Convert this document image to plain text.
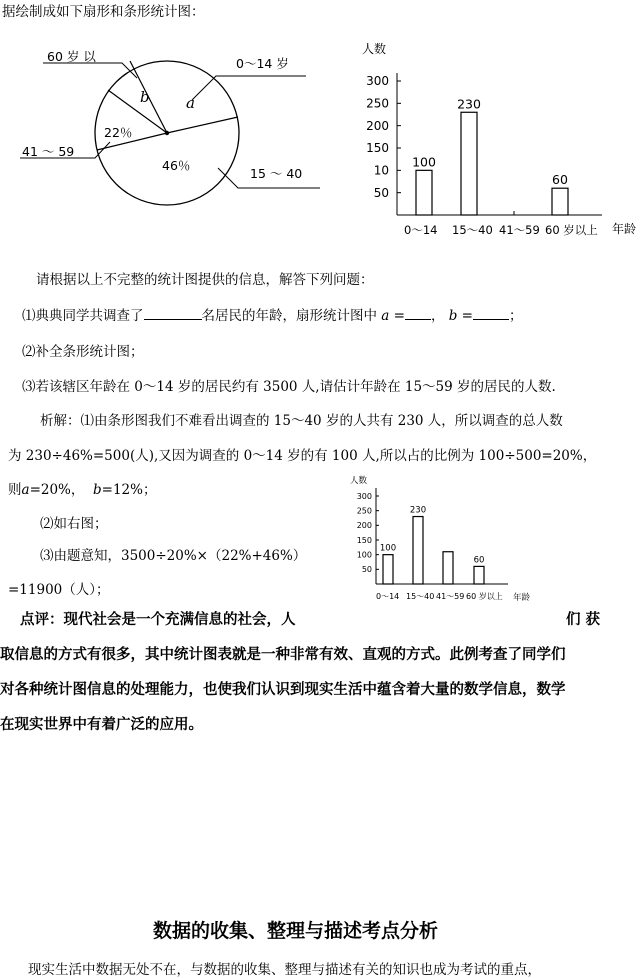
据绘制成如下扇形和条形统计图：
60 岁 以	0～14 岁
41 ～ 59
15 ～ 40
b a
22％
46％
人数
年龄
0～14 15～40 41～59 60 岁以上
50
10
150
200
250
300
100
230
60
请根据以上不完整的统计图提供的信息，解答下列问题：
⑴典典同学共调查了	名居民的年龄，扇形统计图中 a = ， b =	；
⑵补全条形统计图；
⑶若该辖区年龄在 0～14 岁的居民约有 3500 人,请估计年龄在 15～59 岁的居民的人数.
析解：⑴由条形图我们不难看出调查的 15～40 岁的人共有 230 人，所以调查的总人数
为 230÷46%=500(人),又因为调查的 0～14 岁的有 100 人,所以占的比例为 100÷500=20%，
则a=20%， b=12%；
⑵如右图；
⑶由题意知，3500÷20%×（22%+46%）
=11900（人）；
人数
年龄
0～14 15～40 41～59 60 岁以上
50
100
150
200
250
300
100
230
60
点评：现代社会是一个充满信息的社会，人	们 获
取信息的方式有很多，其中统计图表就是一种非常有效、直观的方式。此例考查了同学们
对各种统计图信息的处理能力，也使我们认识到现实生活中蕴含着大量的数学信息，数学
在现实世界中有着广泛的应用。
数据的收集、整理与描述考点分析
现实生活中数据无处不在，与数据的收集、整理与描述有关的知识也成为考试的重点，
